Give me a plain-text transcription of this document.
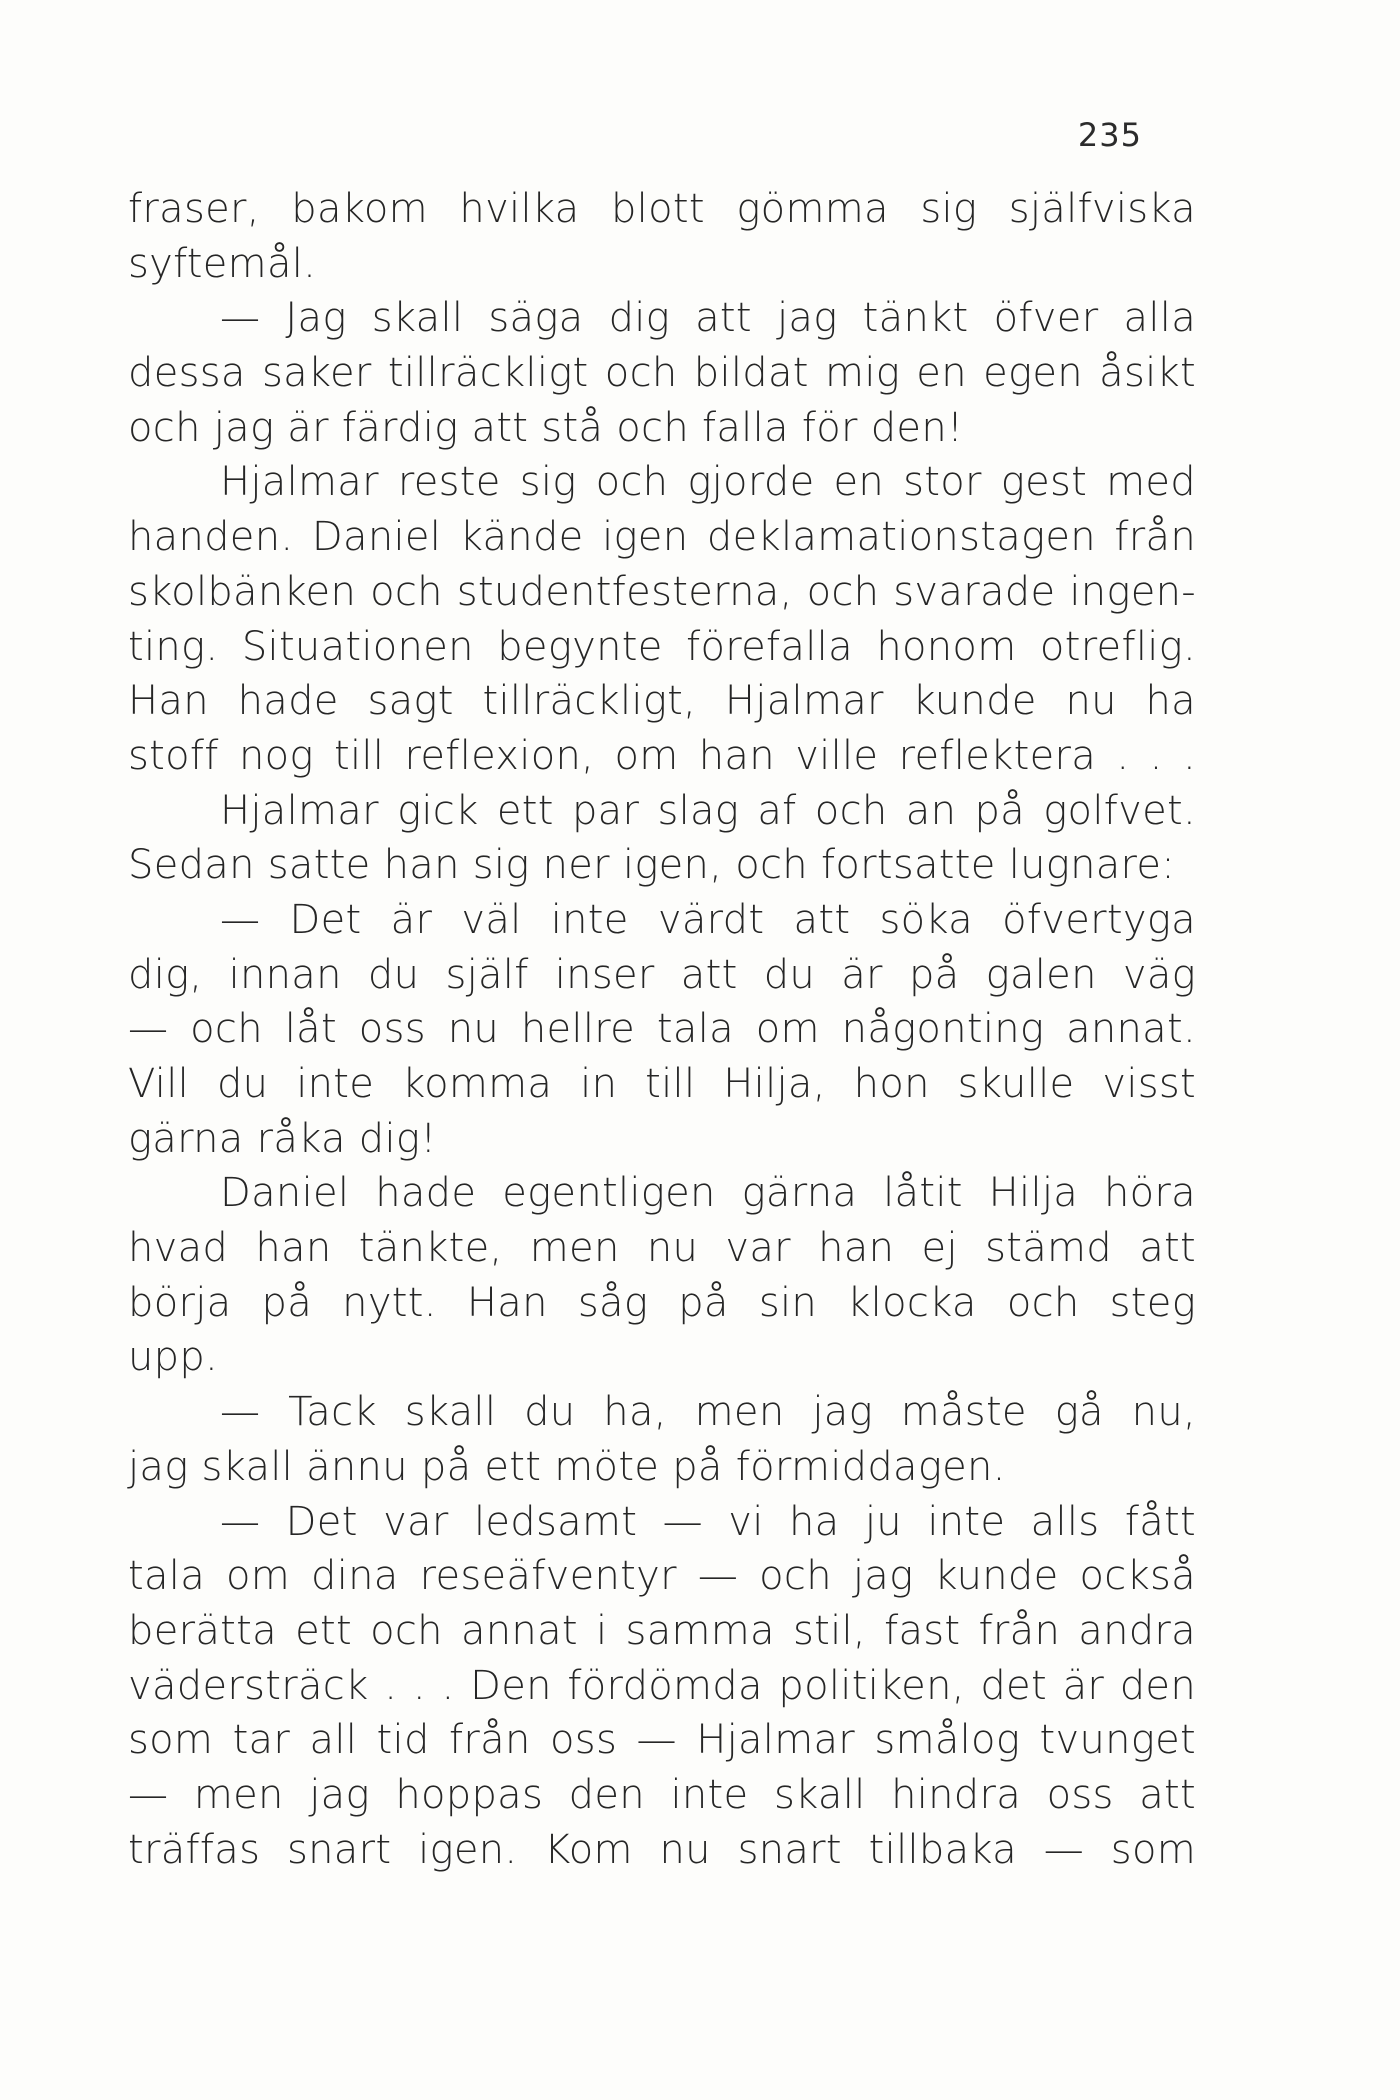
235
fraser, bakom hvilka blott gömma sig själfviska
syftemål.
— Jag skall säga dig att jag tänkt öfver alla
dessa saker tillräckligt och bildat mig en egen åsikt
och jag är färdig att stå och falla för den!
Hjalmar reste sig och gjorde en stor gest med
handen. Daniel kände igen deklamationstagen från
skolbänken och studentfesterna, och svarade ingen-
ting. Situationen begynte förefalla honom otreflig.
Han hade sagt tillräckligt, Hjalmar kunde nu ha
stoff nog till reflexion, om han ville reflektera . . .
Hjalmar gick ett par slag af och an på golfvet.
Sedan satte han sig ner igen, och fortsatte lugnare:
— Det är väl inte värdt att söka öfvertyga
dig, innan du själf inser att du är på galen väg
— och låt oss nu hellre tala om någonting annat.
Vill du inte komma in till Hilja, hon skulle visst
gärna råka dig!
Daniel hade egentligen gärna låtit Hilja höra
hvad han tänkte, men nu var han ej stämd att
börja på nytt. Han såg på sin klocka och steg
upp.
— Tack skall du ha, men jag måste gå nu,
jag skall ännu på ett möte på förmiddagen.
— Det var ledsamt — vi ha ju inte alls fått
tala om dina reseäfventyr — och jag kunde också
berätta ett och annat i samma stil, fast från andra
vädersträck . . . Den fördömda politiken, det är den
som tar all tid från oss — Hjalmar smålog tvunget
— men jag hoppas den inte skall hindra oss att
träffas snart igen. Kom nu snart tillbaka — som
